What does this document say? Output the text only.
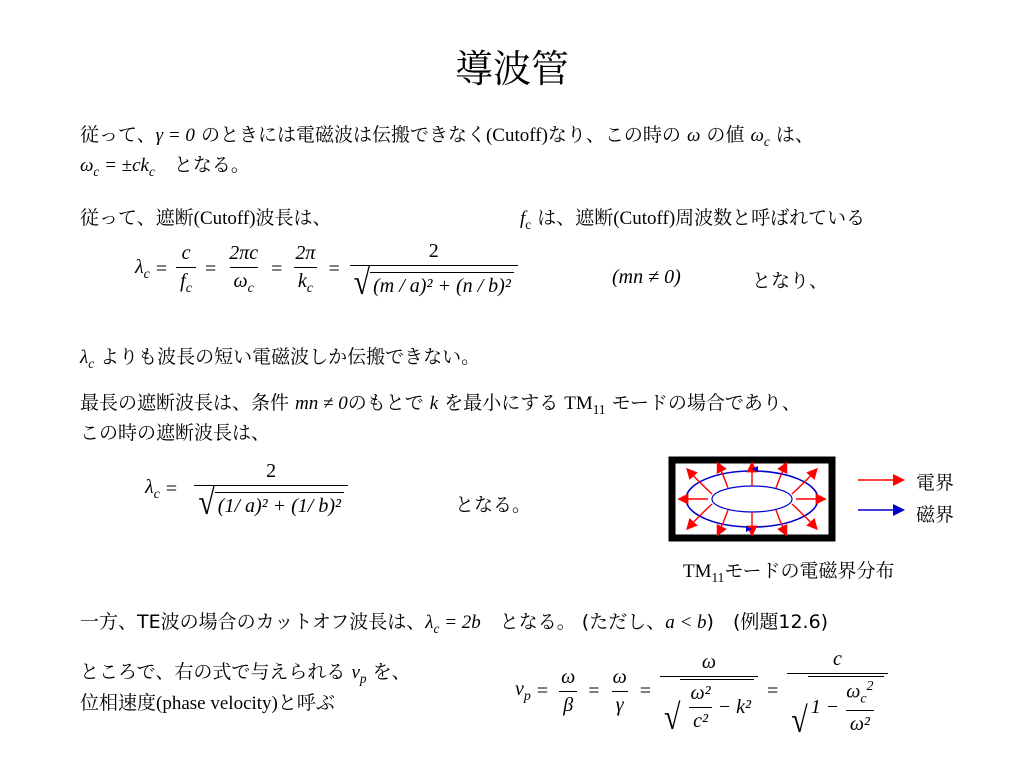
導波管
従って、γ = 0 のときには電磁波は伝搬できなく(Cutoff)なり、この時の ω の値 $\omega_c$ は、
$\omega_c = \pm ck_c$　となる。
従って、遮断(Cutoff)波長は、	$f_c$ は、遮断(Cutoff)周波数と呼ばれている
$\lambda_c = \frac{c}{f_c} = \frac{2\pi c}{\omega_c} = \frac{2\pi}{k_c} = \frac{2}{\text{√ (m / a)² + (n / b)²}}$	(mn ≠ 0)	となり、
$\lambda_c$ よりも波長の短い電磁波しか伝搬できない。
最長の遮断波長は、条件 mn ≠ 0のもとで k を最小にする $TM_{11}$ モードの場合であり、
この時の遮断波長は、
$\lambda_c = \frac{2}{\text{√ (1/ a)² + (1/ b)²}}$	となる。
電界
磁界
$TM_{11}$モードの電磁界分布
一方、TE波の場合のカットオフ波長は、$\lambda_c = 2b$　となる。 (ただし、a < b)　(例題12.6)
ところで、右の式で与えられる $v_p$ を、
位相速度(phase velocity)と呼ぶ
$v_p = \frac{\omega}{\beta} = \frac{\omega}{\gamma} = \frac{\omega}{√ \frac{\text{ω²}}{\text{c²}} - k^2} = \frac{c}{√ 1 - \frac{\omega_c^2}{\text{ω²}}}$
